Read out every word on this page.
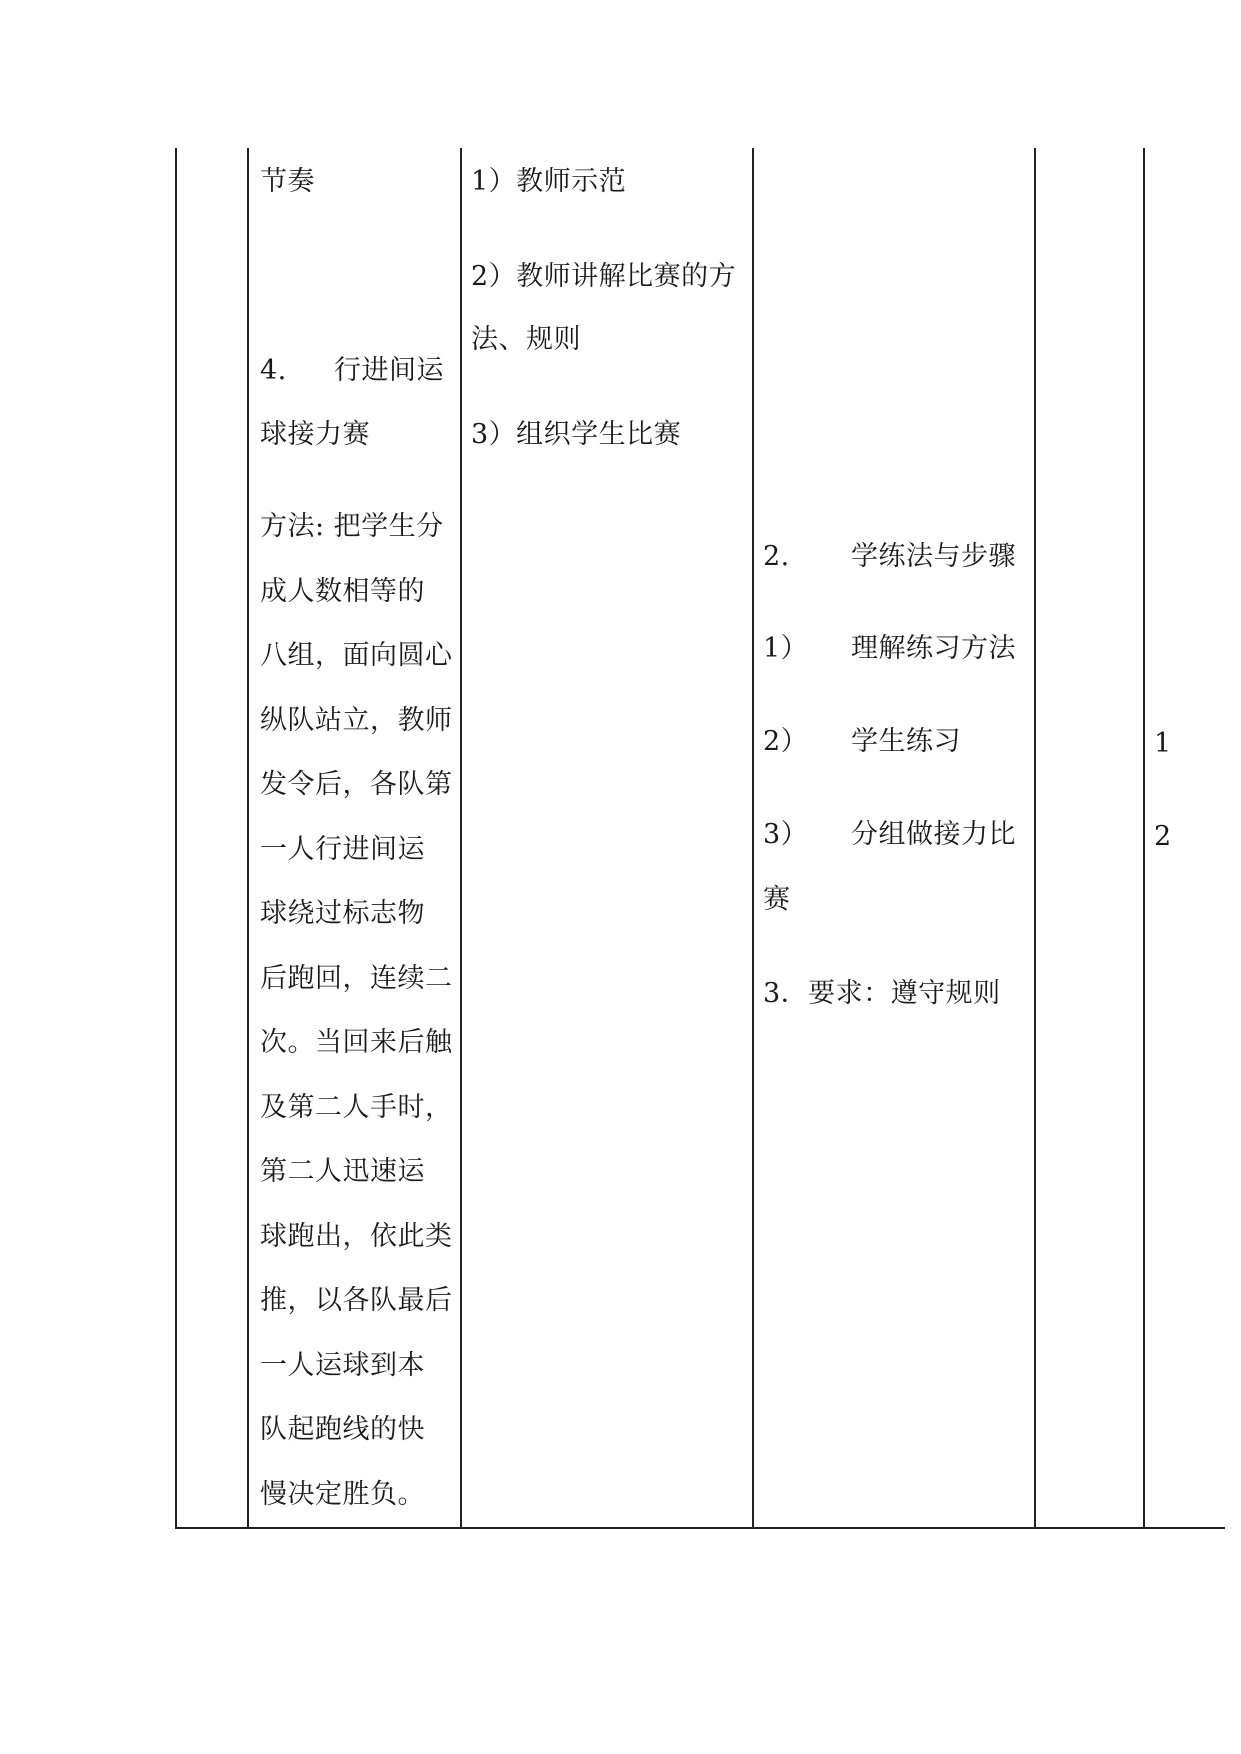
节奏
4. 行进间运
球接力赛
方法: 把学生分
成人数相等的
八组，面向圆心
纵队站立，教师
发令后，各队第
一人行进间运
球绕过标志物
后跑回，连续二
次。当回来后触
及第二人手时，
第二人迅速运
球跑出，依此类
推，以各队最后
一人运球到本
队起跑线的快
慢决定胜负。
1）教师示范
2）教师讲解比赛的方
法、规则
3）组织学生比赛
2. 学练法与步骤
1） 理解练习方法
2） 学生练习
3） 分组做接力比
赛
3．要求：遵守规则
1
2
